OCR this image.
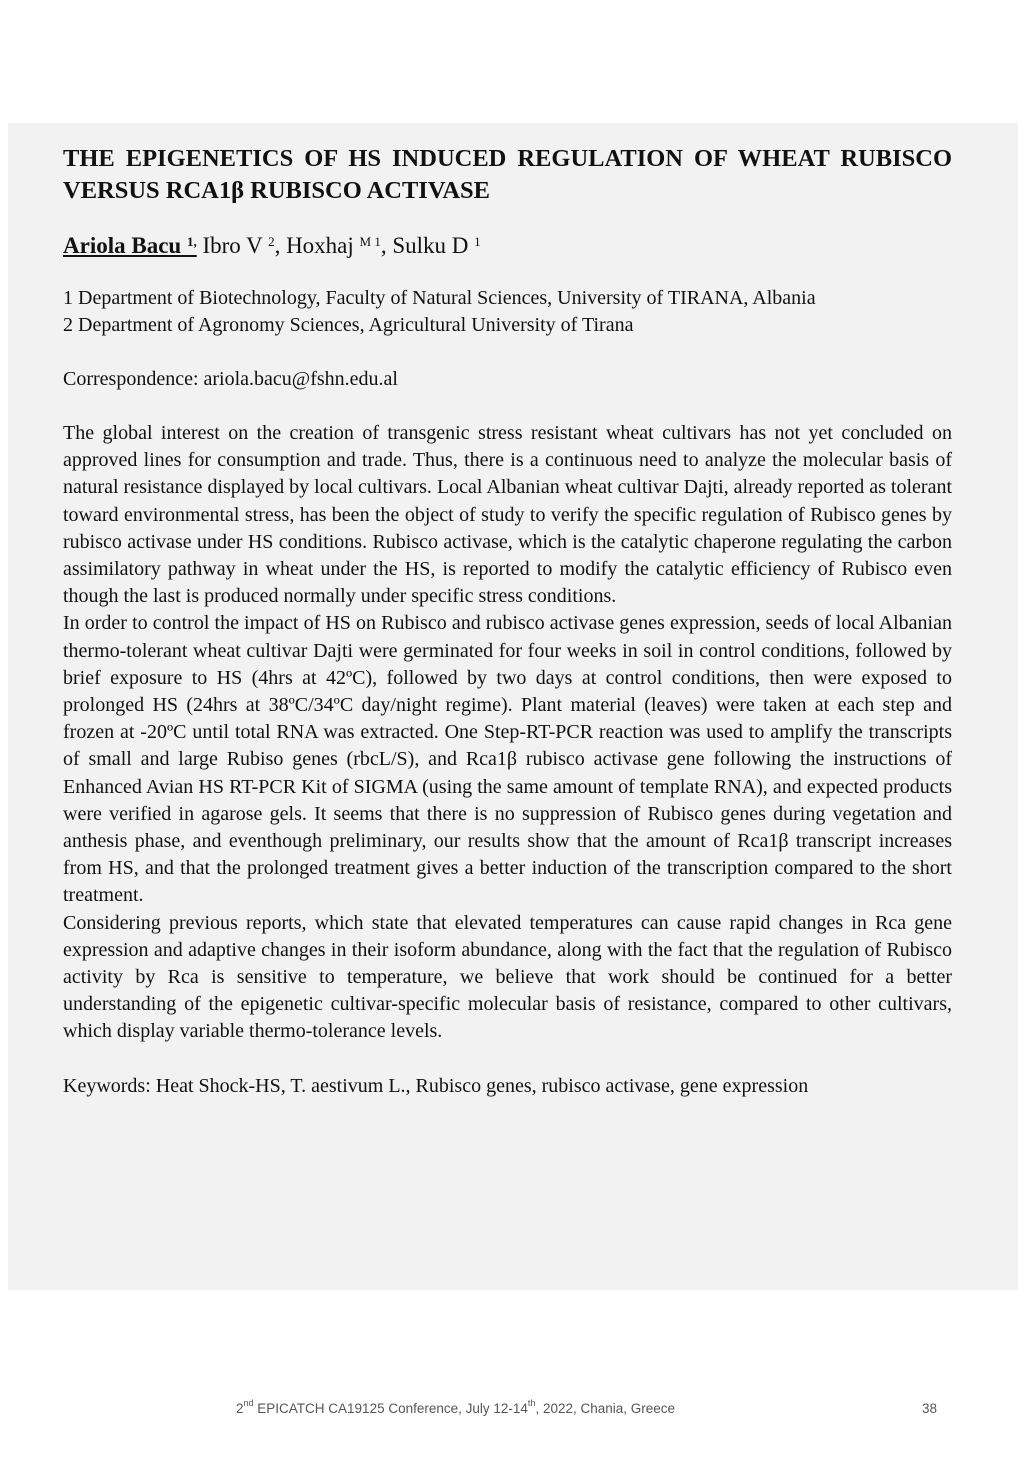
THE EPIGENETICS OF HS INDUCED REGULATION OF WHEAT RUBISCO VERSUS RCA1β RUBISCO ACTIVASE
Ariola Bacu $^{1,}$ Ibro V $^2$, Hoxhaj $^{M 1}$, Sulku D $^1$
1 Department of Biotechnology, Faculty of Natural Sciences, University of TIRANA, Albania
2 Department of Agronomy Sciences, Agricultural University of Tirana
Correspondence: ariola.bacu@fshn.edu.al

The global interest on the creation of transgenic stress resistant wheat cultivars has not yet concluded on approved lines for consumption and trade. Thus, there is a continuous need to analyze the molecular basis of natural resistance displayed by local cultivars. Local Albanian wheat cultivar Dajti, already reported as tolerant toward environmental stress, has been the object of study to verify the specific regulation of Rubisco genes by rubisco activase under HS conditions. Rubisco activase, which is the catalytic chaperone regulating the carbon assimilatory pathway in wheat under the HS, is reported to modify the catalytic efficiency of Rubisco even though the last is produced normally under specific stress conditions.

In order to control the impact of HS on Rubisco and rubisco activase genes expression, seeds of local Albanian thermo-tolerant wheat cultivar Dajti were germinated for four weeks in soil in control conditions, followed by brief exposure to HS (4hrs at 42ºC), followed by two days at control conditions, then were exposed to prolonged HS (24hrs at 38ºC/34ºC day/night regime). Plant material (leaves) were taken at each step and frozen at -20ºC until total RNA was extracted. One Step-RT-PCR reaction was used to amplify the transcripts of small and large Rubiso genes (rbcL/S), and Rca1β rubisco activase gene following the instructions of Enhanced Avian HS RT-PCR Kit of SIGMA (using the same amount of template RNA), and expected products were verified in agarose gels. It seems that there is no suppression of Rubisco genes during vegetation and anthesis phase, and eventhough preliminary, our results show that the amount of Rca1β transcript increases from HS, and that the prolonged treatment gives a better induction of the transcription compared to the short treatment.

Considering previous reports, which state that elevated temperatures can cause rapid changes in Rca gene expression and adaptive changes in their isoform abundance, along with the fact that the regulation of Rubisco activity by Rca is sensitive to temperature, we believe that work should be continued for a better understanding of the epigenetic cultivar-specific molecular basis of resistance, compared to other cultivars, which display variable thermo-tolerance levels.

Keywords: Heat Shock-HS, T. aestivum L., Rubisco genes, rubisco activase, gene expression
2nd EPICATCH CA19125 Conference, July 12-14th, 2022, Chania, Greece	38
